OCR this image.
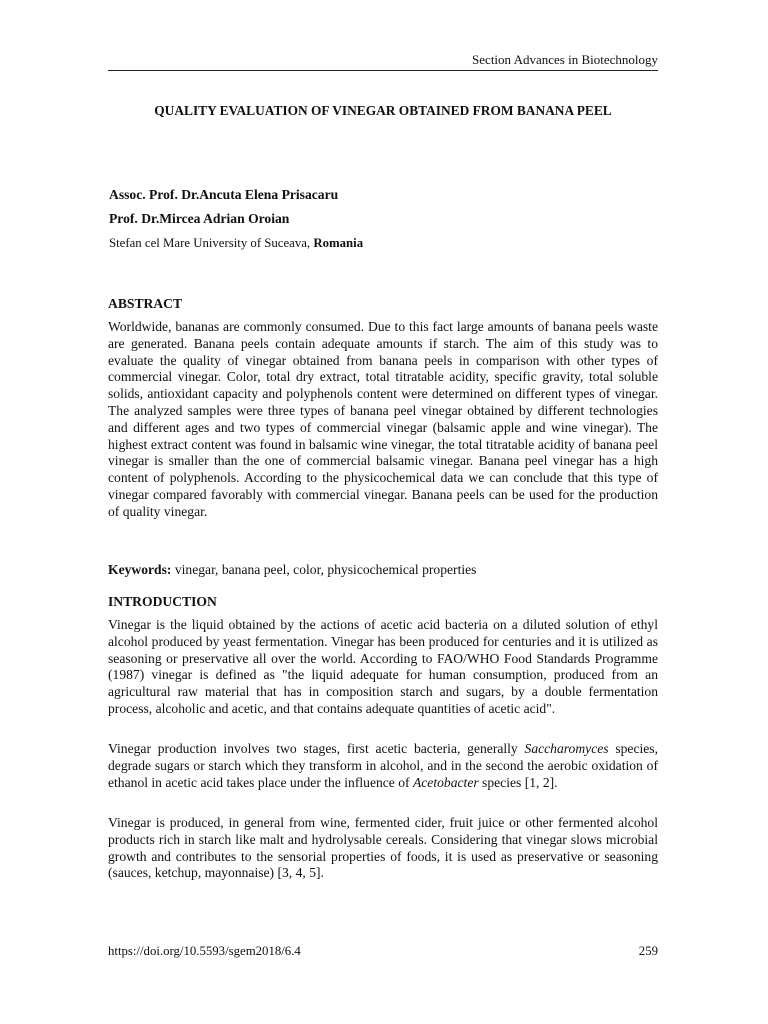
Section Advances in Biotechnology
QUALITY EVALUATION OF VINEGAR OBTAINED FROM BANANA PEEL
Assoc. Prof. Dr.Ancuta Elena Prisacaru
Prof. Dr.Mircea Adrian Oroian
Stefan cel Mare University of Suceava, Romania
ABSTRACT

Worldwide, bananas are commonly consumed. Due to this fact large amounts of banana peels waste are generated. Banana peels contain adequate amounts if starch. The aim of this study was to evaluate the quality of vinegar obtained from banana peels in comparison with other types of commercial vinegar. Color, total dry extract, total titratable acidity, specific gravity, total soluble solids, antioxidant capacity and polyphenols content were determined on different types of vinegar. The analyzed samples were three types of banana peel vinegar obtained by different technologies and different ages and two types of commercial vinegar (balsamic apple and wine vinegar). The highest extract content was found in balsamic wine vinegar, the total titratable acidity of banana peel vinegar is smaller than the one of commercial balsamic vinegar. Banana peel vinegar has a high content of polyphenols. According to the physicochemical data we can conclude that this type of vinegar compared favorably with commercial vinegar. Banana peels can be used for the production of quality vinegar.

Keywords: vinegar, banana peel, color, physicochemical properties

INTRODUCTION

Vinegar is the liquid obtained by the actions of acetic acid bacteria on a diluted solution of ethyl alcohol produced by yeast fermentation. Vinegar has been produced for centuries and it is utilized as seasoning or preservative all over the world. According to FAO/WHO Food Standards Programme (1987) vinegar is defined as "the liquid adequate for human consumption, produced from an agricultural raw material that has in composition starch and sugars, by a double fermentation process, alcoholic and acetic, and that contains adequate quantities of acetic acid".

Vinegar production involves two stages, first acetic bacteria, generally Saccharomyces species, degrade sugars or starch which they transform in alcohol, and in the second the aerobic oxidation of ethanol in acetic acid takes place under the influence of Acetobacter species [1, 2].

Vinegar is produced, in general from wine, fermented cider, fruit juice or other fermented alcohol products rich in starch like malt and hydrolysable cereals. Considering that vinegar slows microbial growth and contributes to the sensorial properties of foods, it is used as preservative or seasoning (sauces, ketchup, mayonnaise) [3, 4, 5].

https://doi.org/10.5593/sgem2018/6.4	259
